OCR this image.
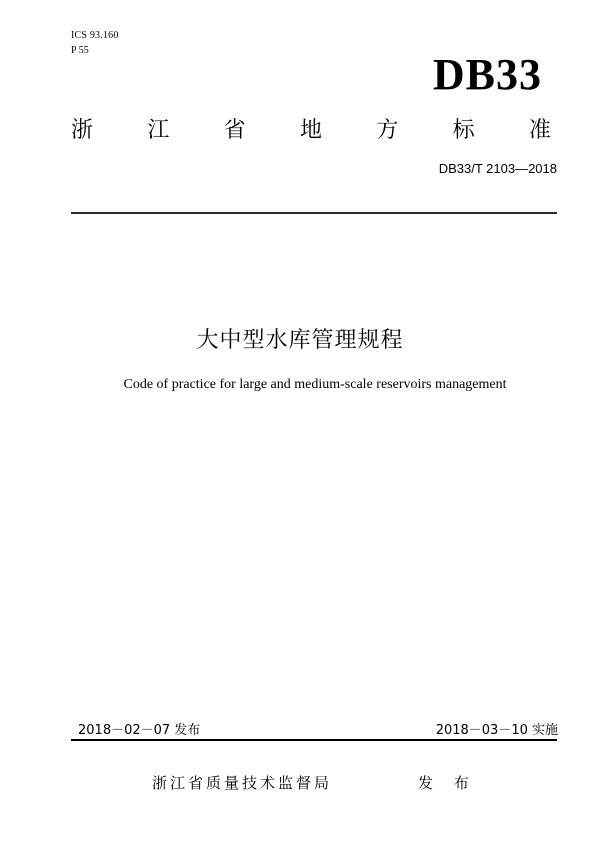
ICS 93.160
P 55	DB33
浙 江 省 地 方 标 准
DB33/T 2103—2018
大中型水库管理规程
Code of practice for large and medium-scale reservoirs management
2018－02－07 发布	2018－03－10 实施
浙江省质量技术监督局	发 布
